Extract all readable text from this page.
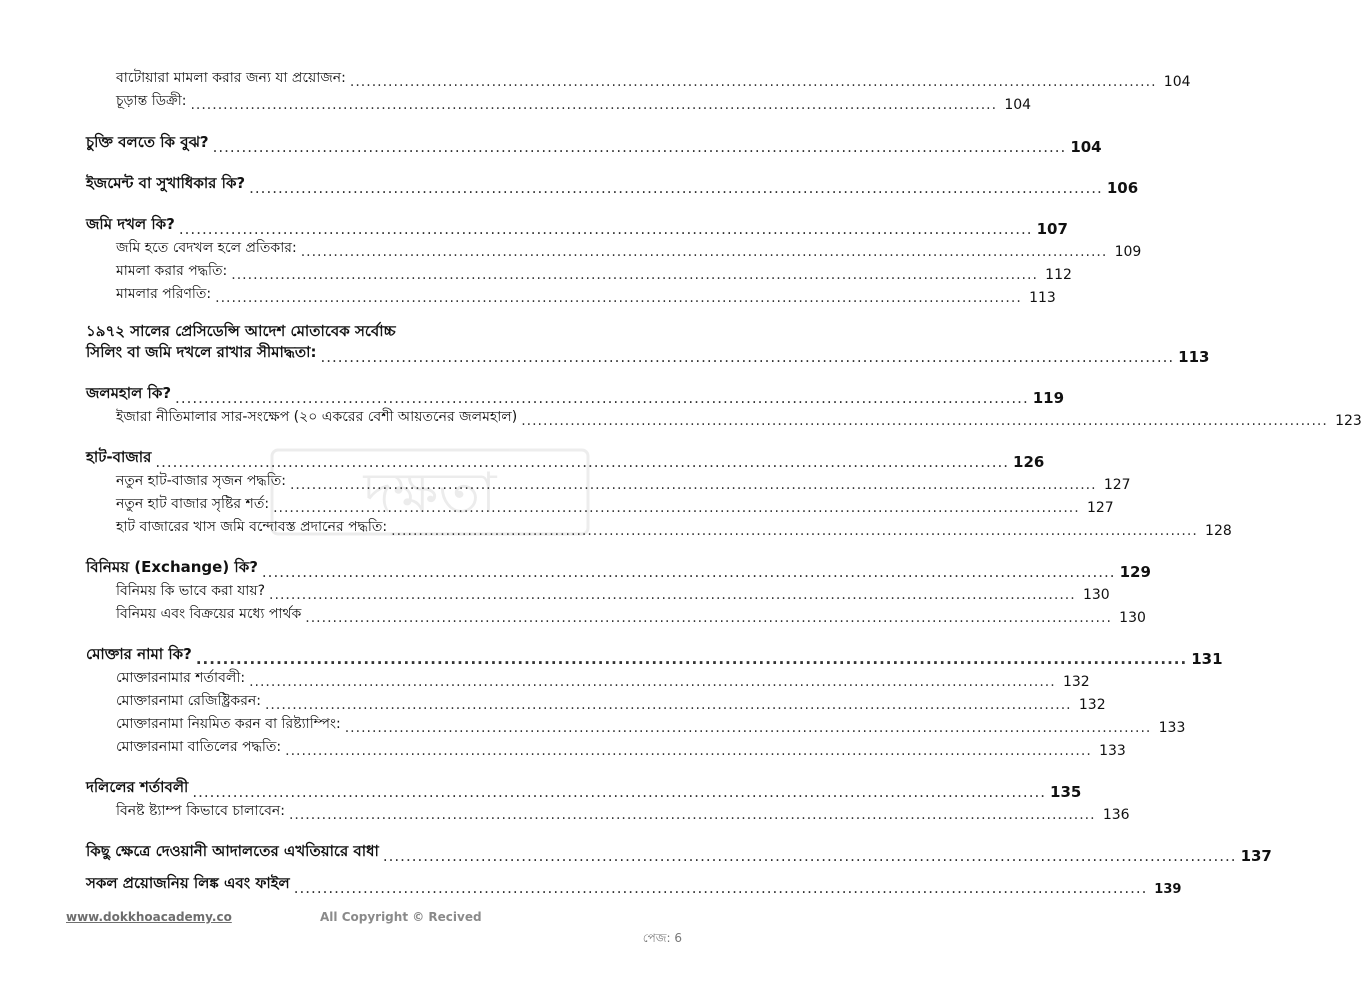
দক্ষতা
বাটোয়ারা মামলা করার জন্য যা প্রয়োজন: .................................................................................................................................................... 104
চূড়ান্ত ডিক্রী: .................................................................................................................................................... 104
চুক্তি বলতে কি বুঝ? .................................................................................................................................................... 104
ইজমেন্ট বা সুখাধিকার কি? .................................................................................................................................................... 106
জমি দখল কি? .................................................................................................................................................... 107
জমি হতে বেদখল হলে প্রতিকার: .................................................................................................................................................... 109
মামলা করার পদ্ধতি: .................................................................................................................................................... 112
মামলার পরিণতি: .................................................................................................................................................... 113
১৯৭২ সালের প্রেসিডেন্সি আদেশ মোতাবেক সর্বোচ্চ
সিলিং বা জমি দখলে রাখার সীমাদ্ধতা: .................................................................................................................................................... 113
জলমহাল কি? .................................................................................................................................................... 119
ইজারা নীতিমালার সার-সংক্ষেপ (২০ একরের বেশী আয়তনের জলমহাল) .................................................................................................................................................... 123
হাট-বাজার .................................................................................................................................................... 126
নতুন হাট-বাজার সৃজন পদ্ধতি: .................................................................................................................................................... 127
নতুন হাট বাজার সৃষ্টির শর্ত: .................................................................................................................................................... 127
হাট বাজারের খাস জমি বন্দোবস্ত প্রদানের পদ্ধতি: .................................................................................................................................................... 128
বিনিময় (Exchange) কি? .................................................................................................................................................... 129
বিনিময় কি ভাবে করা যায়? .................................................................................................................................................... 130
বিনিময় এবং বিক্রয়ের মধ্যে পার্থক .................................................................................................................................................... 130
মোক্তার নামা কি? .................................................................................................................................................... 131
মোক্তারনামার শর্তাবলী: .................................................................................................................................................... 132
মোক্তারনামা রেজিষ্ট্রিকরন: .................................................................................................................................................... 132
মোক্তারনামা নিয়মিত করন বা রিষ্ট্যাম্পিং: .................................................................................................................................................... 133
মোক্তারনামা বাতিলের পদ্ধতি: .................................................................................................................................................... 133
দলিলের শর্তাবলী .................................................................................................................................................... 135
বিনষ্ট ষ্ট্যাম্প কিভাবে চালাবেন: .................................................................................................................................................... 136
কিছু ক্ষেত্রে দেওয়ানী আদালতের এখতিয়ারে বাধা .................................................................................................................................................... 137
সকল প্রয়োজনিয় লিঙ্ক এবং ফাইল .................................................................................................................................................... 139
www.dokkhoacademy.co	All Copyright © Recived
পেজ: 6
